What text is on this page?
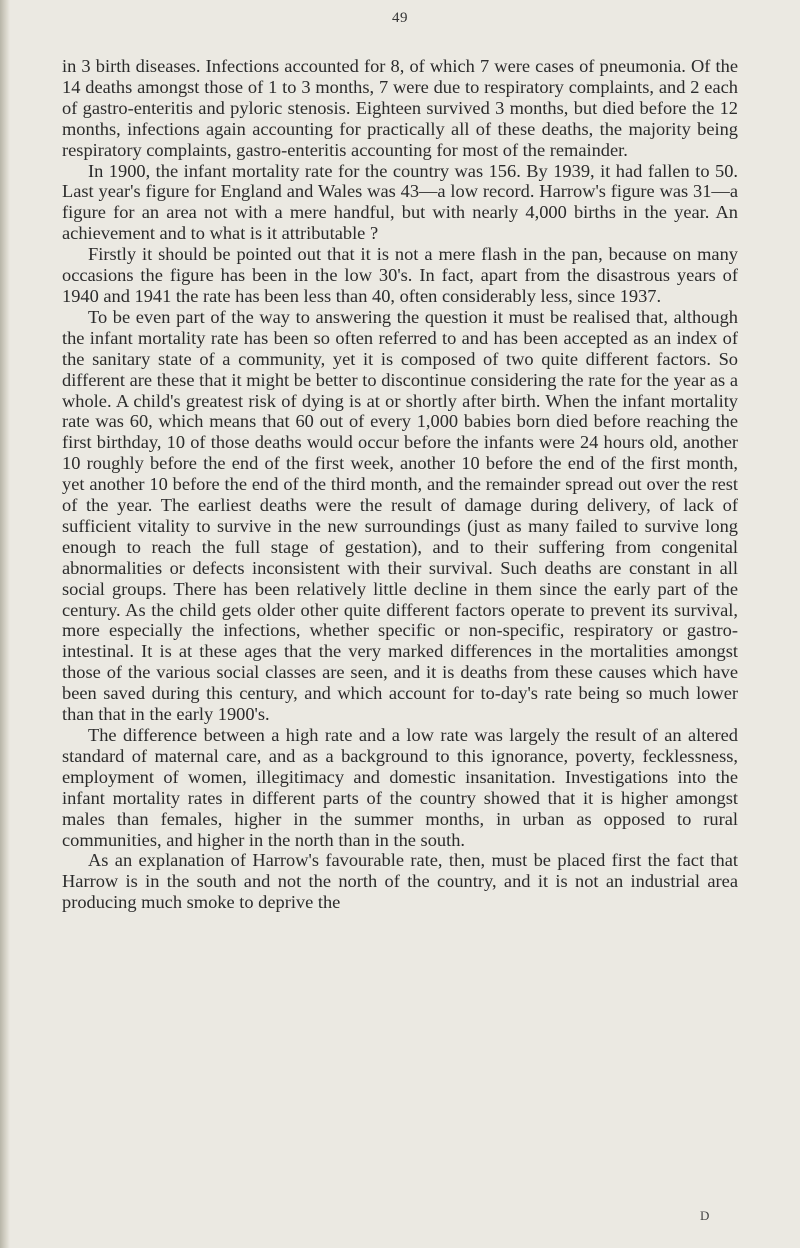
49

in 3 birth diseases. Infections accounted for 8, of which 7 were cases of pneumonia. Of the 14 deaths amongst those of 1 to 3 months, 7 were due to respiratory complaints, and 2 each of gastro-enteritis and pyloric stenosis. Eighteen survived 3 months, but died before the 12 months, infections again accounting for practically all of these deaths, the majority being respiratory complaints, gastro-enteritis accounting for most of the remainder.

In 1900, the infant mortality rate for the country was 156. By 1939, it had fallen to 50. Last year's figure for England and Wales was 43—a low record. Harrow's figure was 31—a figure for an area not with a mere handful, but with nearly 4,000 births in the year. An achievement and to what is it attributable ?

Firstly it should be pointed out that it is not a mere flash in the pan, because on many occasions the figure has been in the low 30's. In fact, apart from the disastrous years of 1940 and 1941 the rate has been less than 40, often considerably less, since 1937.

To be even part of the way to answering the question it must be realised that, although the infant mortality rate has been so often referred to and has been accepted as an index of the sanitary state of a community, yet it is composed of two quite different factors. So different are these that it might be better to discontinue considering the rate for the year as a whole. A child's greatest risk of dying is at or shortly after birth. When the infant mortality rate was 60, which means that 60 out of every 1,000 babies born died before reaching the first birthday, 10 of those deaths would occur before the infants were 24 hours old, another 10 roughly before the end of the first week, another 10 before the end of the first month, yet another 10 before the end of the third month, and the remainder spread out over the rest of the year. The earliest deaths were the result of damage during delivery, of lack of sufficient vitality to survive in the new surroundings (just as many failed to survive long enough to reach the full stage of gestation), and to their suffering from congenital abnormalities or defects inconsistent with their survival. Such deaths are constant in all social groups. There has been relatively little decline in them since the early part of the century. As the child gets older other quite different factors operate to prevent its survival, more especially the infections, whether specific or non-specific, respiratory or gastro-intestinal. It is at these ages that the very marked differences in the mortalities amongst those of the various social classes are seen, and it is deaths from these causes which have been saved during this century, and which account for to-day's rate being so much lower than that in the early 1900's.

The difference between a high rate and a low rate was largely the result of an altered standard of maternal care, and as a background to this ignorance, poverty, fecklessness, employment of women, illegitimacy and domestic insanitation. Investigations into the infant mortality rates in different parts of the country showed that it is higher amongst males than females, higher in the summer months, in urban as opposed to rural communities, and higher in the north than in the south.

As an explanation of Harrow's favourable rate, then, must be placed first the fact that Harrow is in the south and not the north of the country, and it is not an industrial area producing much smoke to deprive the

D
